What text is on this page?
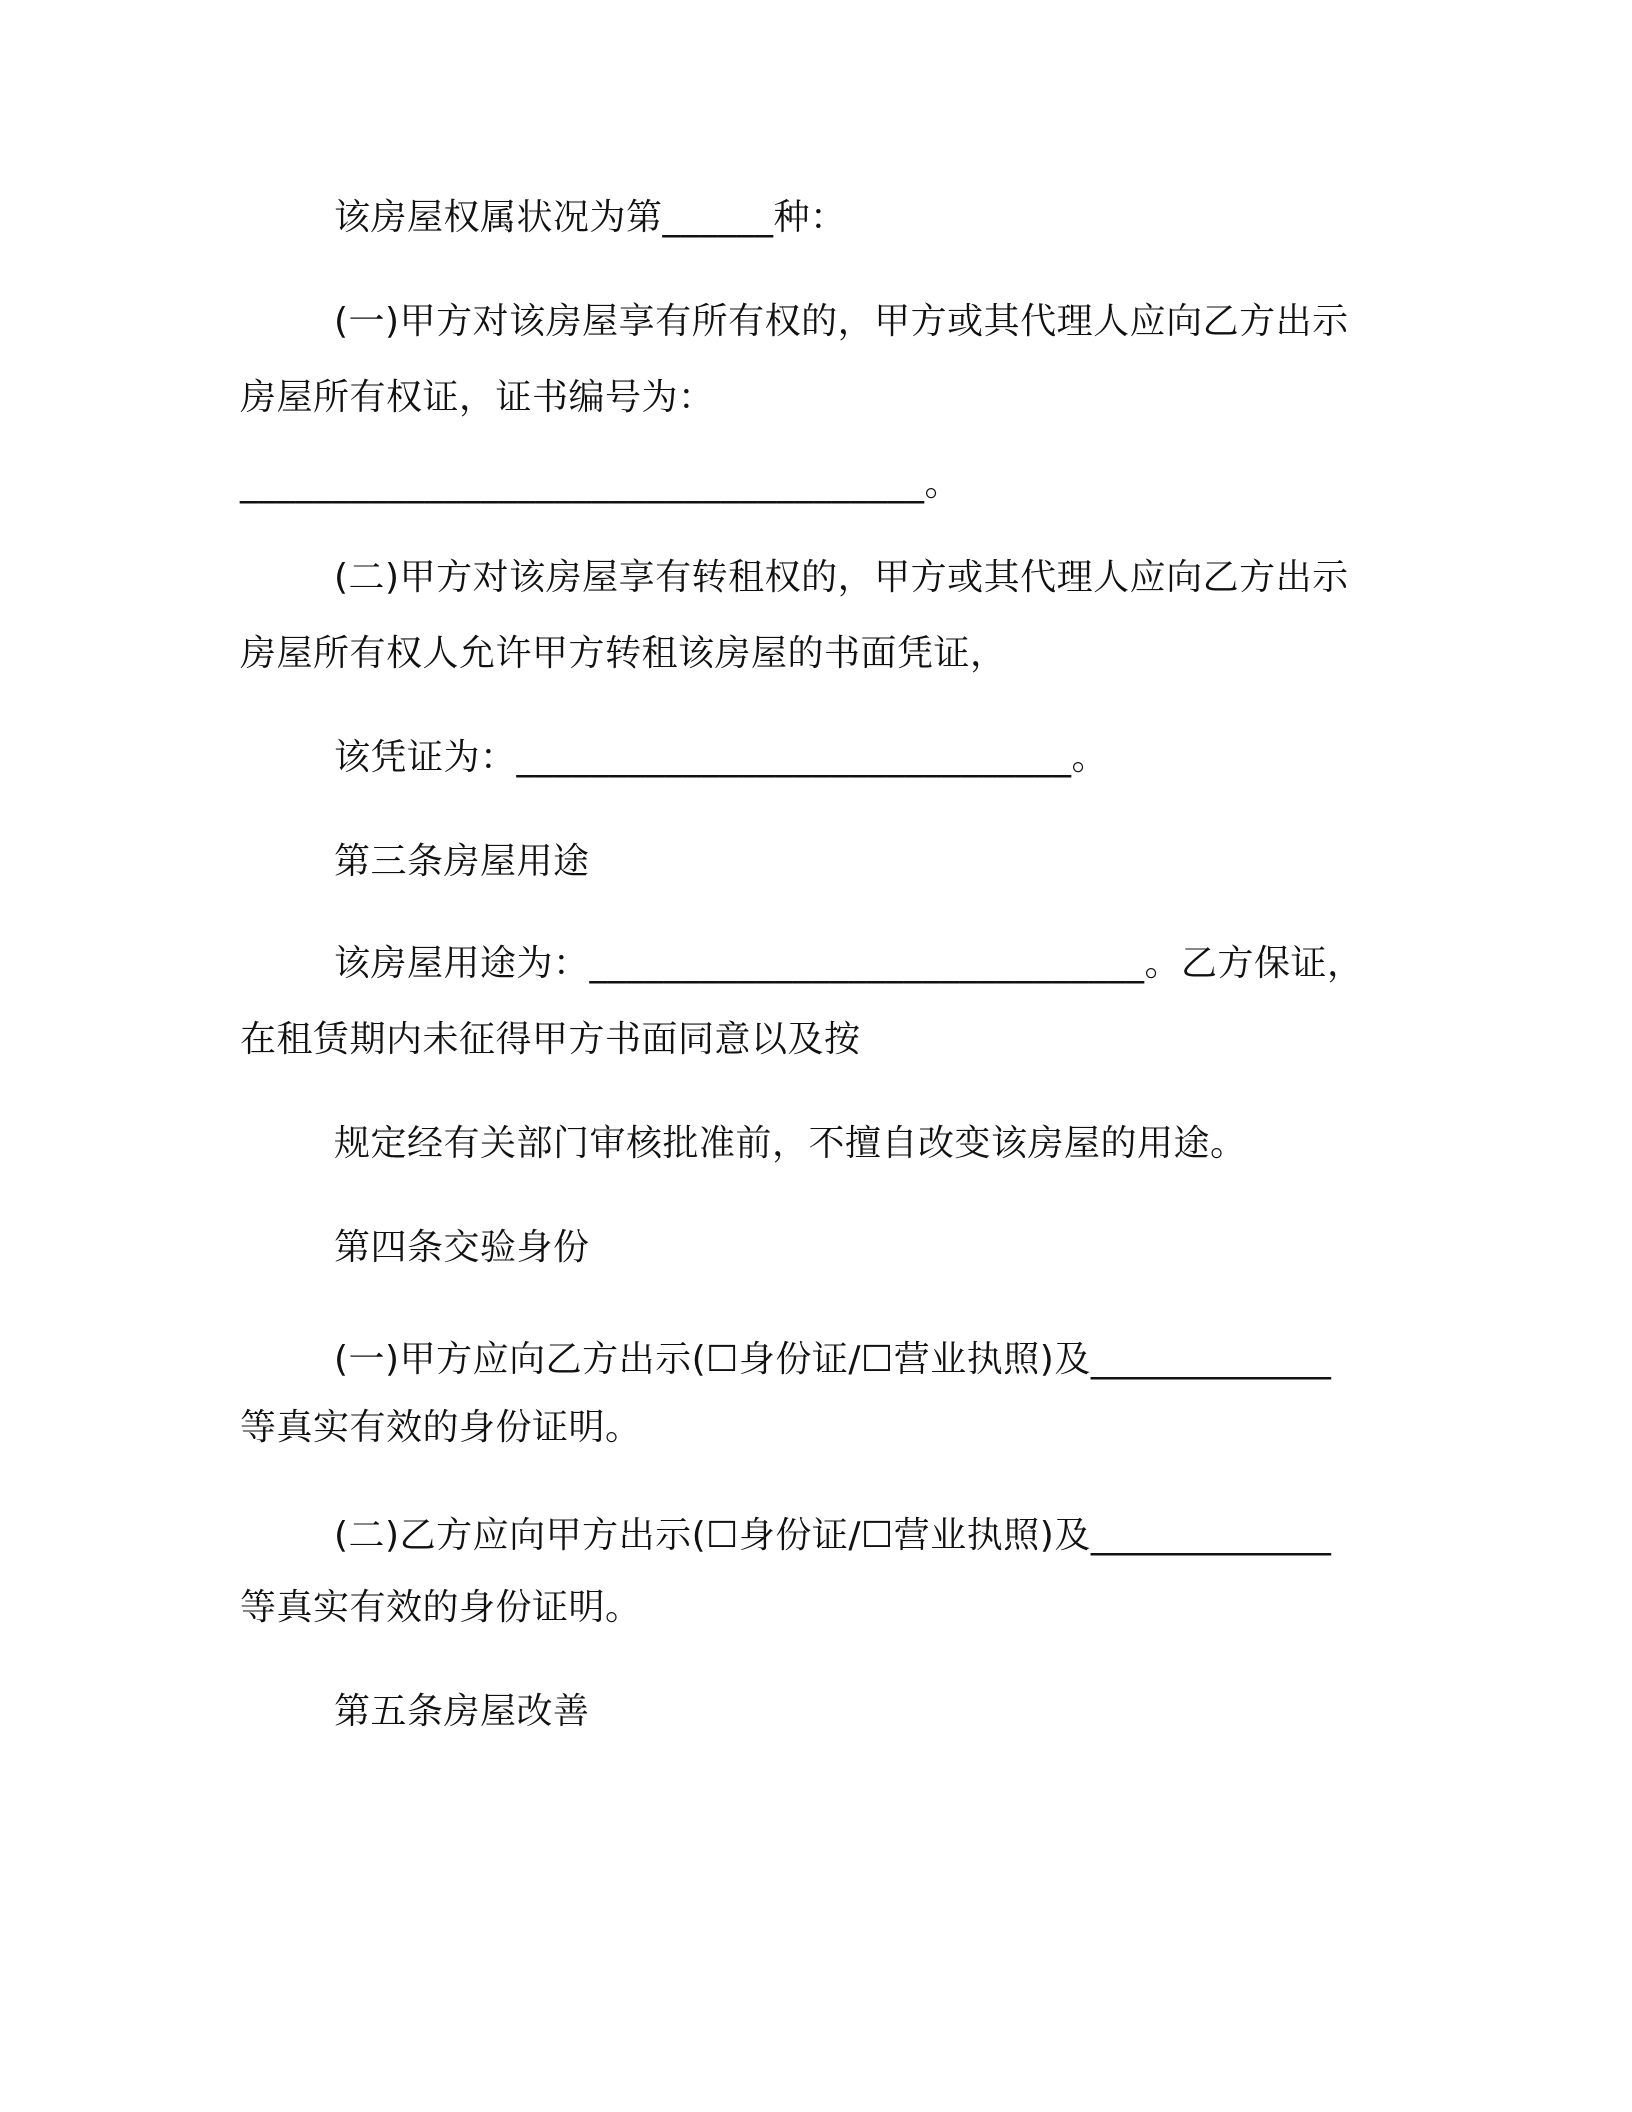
该房屋权属状况为第______种：

(一)甲方对该房屋享有所有权的，甲方或其代理人应向乙方出示

房屋所有权证，证书编号为：

_____________________________________。

(二)甲方对该房屋享有转租权的，甲方或其代理人应向乙方出示

房屋所有权人允许甲方转租该房屋的书面凭证，

该凭证为：______________________________。

第三条房屋用途

该房屋用途为：______________________________。乙方保证，

在租赁期内未征得甲方书面同意以及按

规定经有关部门审核批准前，不擅自改变该房屋的用途。

第四条交验身份

(一)甲方应向乙方出示(☐身份证/☐营业执照)及_____________

等真实有效的身份证明。

(二)乙方应向甲方出示(☐身份证/☐营业执照)及_____________

等真实有效的身份证明。

第五条房屋改善
